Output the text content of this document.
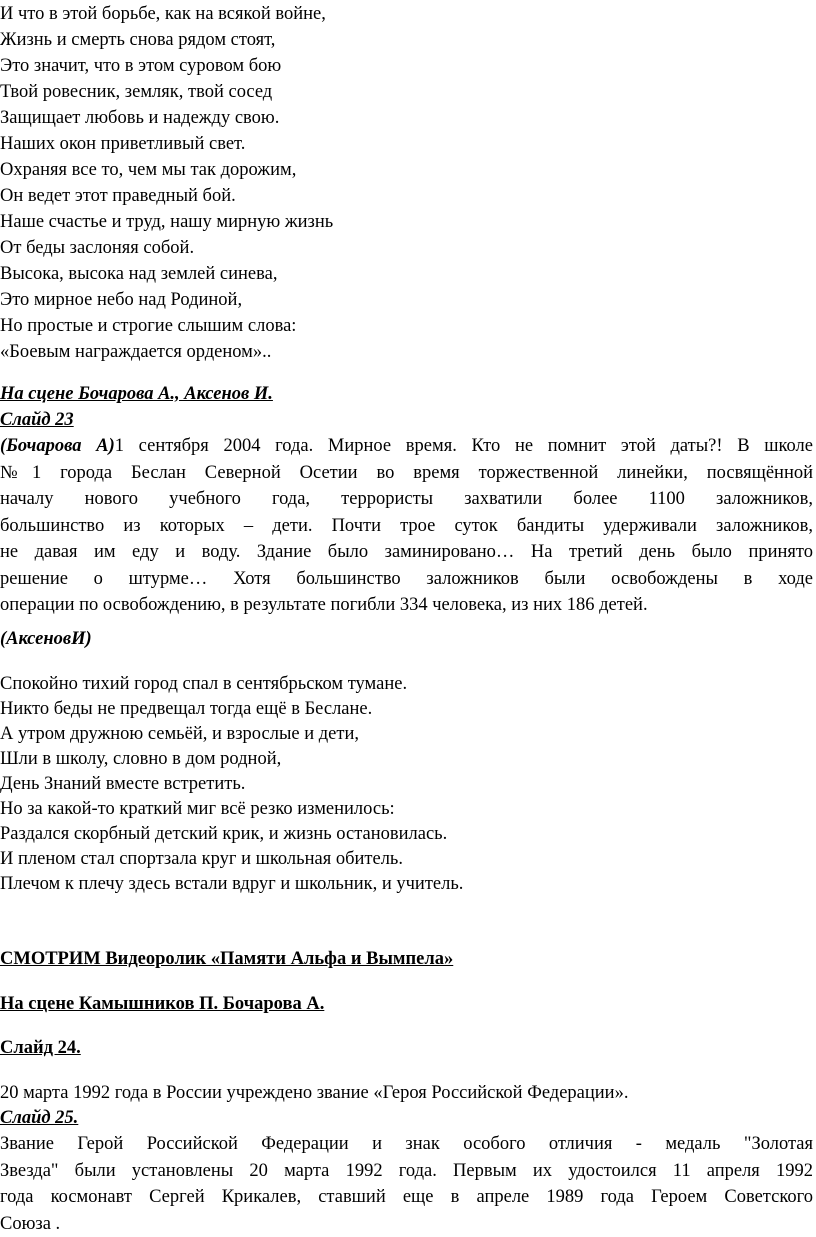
И что в этой борьбе, как на всякой войне,
Жизнь и смерть снова рядом стоят,
Это значит, что в этом суровом бою
Твой ровесник, земляк, твой сосед
Защищает любовь и надежду свою.
Наших окон приветливый свет.
Охраняя все то, чем мы так дорожим,
Он ведет этот праведный бой.
Наше счастье и труд, нашу мирную жизнь
От беды заслоняя собой.
Высока, высока над землей синева,
Это мирное небо над Родиной,
Но простые и строгие слышим слова:
«Боевым награждается орденом»..
На сцене Бочарова А., Аксенов И.
Слайд 23
(Бочарова А)1 сентября 2004 года. Мирное время. Кто не помнит этой даты?! В школе
№1 города Беслан Северной Осетии во время торжественной линейки, посвящённой
началу нового учебного года, террористы захватили более 1100 заложников,
большинство из которых – дети. Почти трое суток бандиты удерживали заложников,
не давая им еду и воду. Здание было заминировано… На третий день было принято
решение о штурме… Хотя большинство заложников были освобождены в ходе
операции по освобождению, в результате погибли 334 человека, из них 186 детей.
(АксеновИ)
Спокойно тихий город спал в сентябрьском тумане.
Никто беды не предвещал тогда ещё в Беслане.
А утром дружною семьёй, и взрослые и дети,
Шли в школу, словно в дом родной,
День Знаний вместе встретить.
Но за какой-то краткий миг всё резко изменилось:
Раздался скорбный детский крик, и жизнь остановилась.
И пленом стал спортзала круг и школьная обитель.
Плечом к плечу здесь встали вдруг и школьник, и учитель.
СМОТРИМ Видеоролик «Памяти Альфа и Вымпела»
На сцене Камышников П. Бочарова А.
Слайд 24.
20 марта 1992 года в России учреждено звание «Героя Российской Федерации».
Слайд 25.
Звание Герой Российской Федерации и знак особого отличия - медаль "Золотая
Звезда" были установлены 20 марта 1992 года. Первым их удостоился 11 апреля 1992
года космонавт Сергей Крикалев, ставший еще в апреле 1989 года Героем Советского
Союза .
